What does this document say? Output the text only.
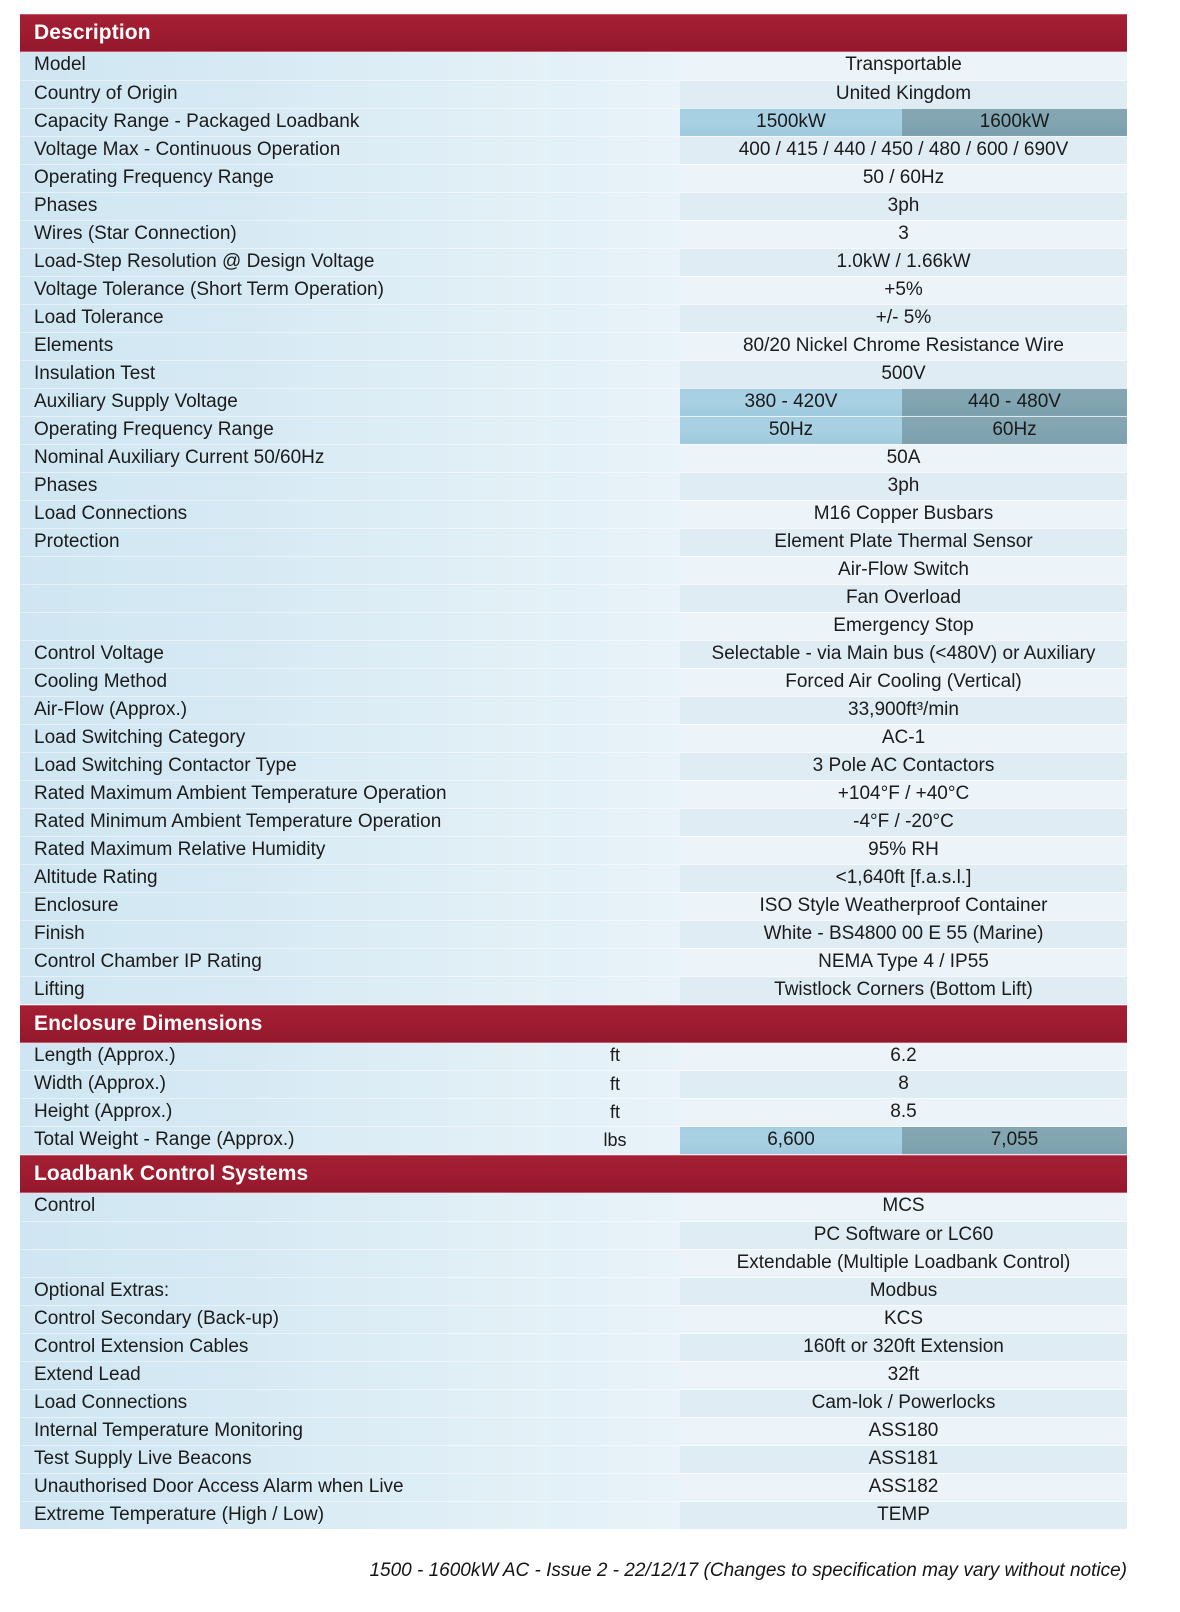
Description			

Model		Transportable	
Country of Origin		United Kingdom	
Capacity Range - Packaged Loadbank		1500kW	1600kW
Voltage Max - Continuous Operation		400 / 415 / 440 / 450 / 480 / 600 / 690V	
Operating Frequency Range		50 / 60Hz	
Phases		3ph	
Wires (Star Connection)		3	
Load-Step Resolution @ Design Voltage		1.0kW / 1.66kW	
Voltage Tolerance (Short Term Operation)		+5%	
Load Tolerance		+/- 5%	
Elements		80/20 Nickel Chrome Resistance Wire	
Insulation Test		500V	
Auxiliary Supply Voltage		380 - 420V	440 - 480V
Operating Frequency Range		50Hz	60Hz
Nominal Auxiliary Current 50/60Hz		50A	
Phases		3ph	
Load Connections		M16 Copper Busbars	
Protection		Element Plate Thermal Sensor	
		Air-Flow Switch	
		Fan Overload	
		Emergency Stop	
Control Voltage		Selectable - via Main bus (<480V) or Auxiliary	
Cooling Method		Forced Air Cooling (Vertical)	
Air-Flow (Approx.)		33,900ft³/min	
Load Switching Category		AC-1	
Load Switching Contactor Type		3 Pole AC Contactors	
Rated Maximum Ambient Temperature Operation		+104°F / +40°C	
Rated Minimum Ambient Temperature Operation		-4°F / -20°C	
Rated Maximum Relative Humidity		95% RH	
Altitude Rating		<1,640ft [f.a.s.l.]	
Enclosure		ISO Style Weatherproof Container	
Finish		White - BS4800 00 E 55 (Marine)	
Control Chamber IP Rating		NEMA Type 4 / IP55	
Lifting		Twistlock Corners (Bottom Lift)	

Enclosure Dimensions			

Length (Approx.)	ft	6.2	
Width (Approx.)	ft	8	
Height (Approx.)	ft	8.5	
Total Weight - Range (Approx.)	lbs	6,600	7,055

Loadbank Control Systems			

Control		MCS	
		PC Software or LC60	
		Extendable (Multiple Loadbank Control)	
Optional Extras:		Modbus	
Control Secondary (Back-up)		KCS	
Control Extension Cables		160ft or 320ft Extension	
Extend Lead		32ft	
Load Connections		Cam-lok / Powerlocks	
Internal Temperature Monitoring		ASS180	
Test Supply Live Beacons		ASS181	
Unauthorised Door Access Alarm when Live		ASS182	
Extreme Temperature (High / Low)		TEMP	
1500 - 1600kW AC - Issue 2 - 22/12/17 (Changes to specification may vary without notice)
